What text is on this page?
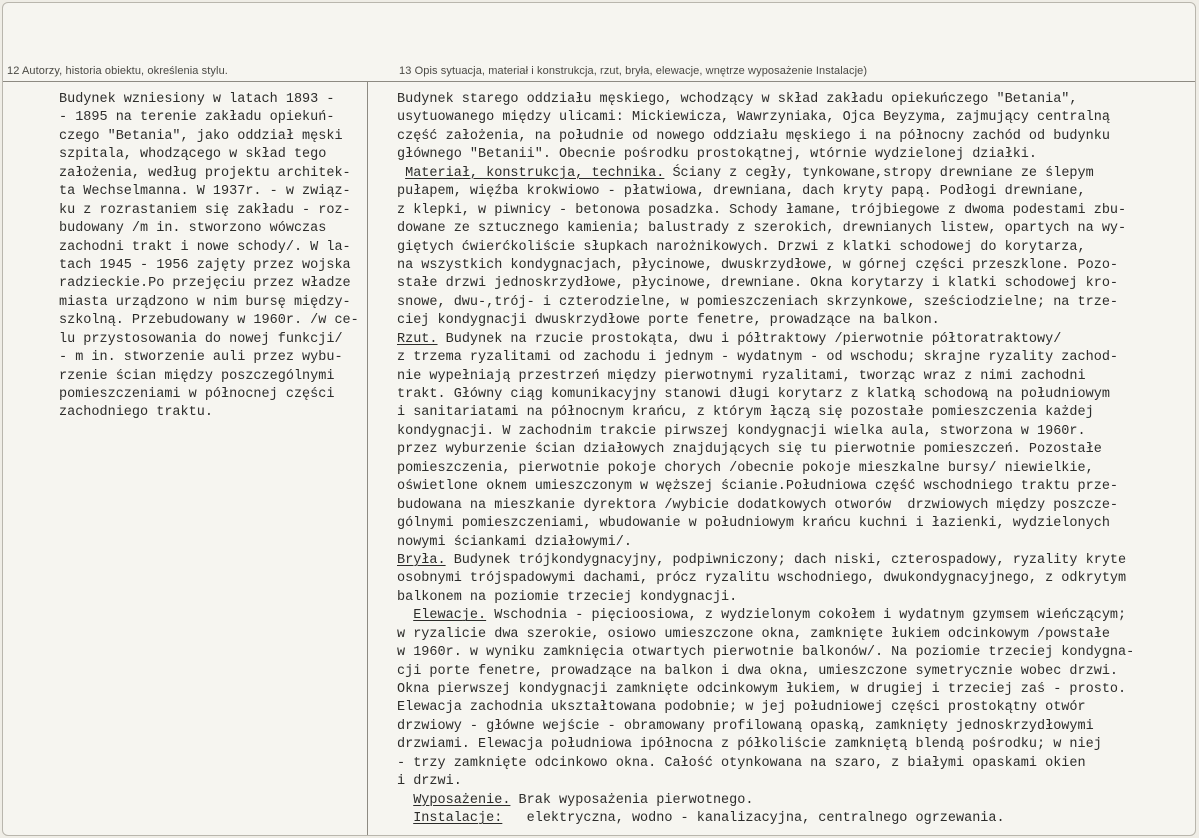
12 Autorzy, historia obiektu, określenia stylu.	13 Opis sytuacja, materiał i konstrukcja, rzut, bryła, elewacje, wnętrze wyposażenie Instalacje)
Budynek wzniesiony w latach 1893 -
- 1895 na terenie zakładu opiekuń-
czego "Betania", jako oddział męski
szpitala, whodzącego w skład tego
założenia, według projektu architek-
ta Wechselmanna. W 1937r. - w związ-
ku z rozrastaniem się zakładu - roz-
budowany /m in. stworzono wówczas
zachodni trakt i nowe schody/. W la-
tach 1945 - 1956 zajęty przez wojska
radzieckie.Po przejęciu przez władze
miasta urządzono w nim bursę między-
szkolną. Przebudowany w 1960r. /w ce-
lu przystosowania do nowej funkcji/
- m in. stworzenie auli przez wybu-
rzenie ścian między poszczególnymi
pomieszczeniami w północnej części
zachodniego traktu.
Budynek starego oddziału męskiego, wchodzący w skład zakładu opiekuńczego "Betania",
usytuowanego między ulicami: Mickiewicza, Wawrzyniaka, Ojca Beyzyma, zajmujący centralną
część założenia, na południe od nowego oddziału męskiego i na północny zachód od budynku
głównego "Betanii". Obecnie pośrodku prostokątnej, wtórnie wydzielonej działki.
Materiał, konstrukcja, technika. Ściany z cegły, tynkowane,stropy drewniane ze ślepym
pułapem, więźba krokwiowo - płatwiowa, drewniana, dach kryty papą. Podłogi drewniane,
z klepki, w piwnicy - betonowa posadzka. Schody łamane, trójbiegowe z dwoma podestami zbu-
dowane ze sztucznego kamienia; balustrady z szerokich, drewnianych listew, opartych na wy-
giętych ćwierćkoliście słupkach narożnikowych. Drzwi z klatki schodowej do korytarza,
na wszystkich kondygnacjach, płycinowe, dwuskrzydłowe, w górnej części przeszklone. Pozo-
stałe drzwi jednoskrzydłowe, płycinowe, drewniane. Okna korytarzy i klatki schodowej kro-
snowe, dwu-,trój- i czterodzielne, w pomieszczeniach skrzynkowe, sześciodzielne; na trze-
ciej kondygnacji dwuskrzydłowe porte fenetre, prowadzące na balkon.
Rzut. Budynek na rzucie prostokąta, dwu i półtraktowy /pierwotnie półtoratraktowy/
z trzema ryzalitami od zachodu i jednym - wydatnym - od wschodu; skrajne ryzality zachod-
nie wypełniają przestrzeń między pierwotnymi ryzalitami, tworząc wraz z nimi zachodni
trakt. Główny ciąg komunikacyjny stanowi długi korytarz z klatką schodową na południowym
i sanitariatami na północnym krańcu, z którym łączą się pozostałe pomieszczenia każdej
kondygnacji. W zachodnim trakcie pirwszej kondygnacji wielka aula, stworzona w 1960r.
przez wyburzenie ścian działowych znajdujących się tu pierwotnie pomieszczeń. Pozostałe
pomieszczenia, pierwotnie pokoje chorych /obecnie pokoje mieszkalne bursy/ niewielkie,
oświetlone oknem umieszczonym w węższej ścianie.Południowa część wschodniego traktu prze-
budowana na mieszkanie dyrektora /wybicie dodatkowych otworów  drzwiowych między poszcze-
gólnymi pomieszczeniami, wbudowanie w południowym krańcu kuchni i łazienki, wydzielonych
nowymi ściankami działowymi/.
Bryła. Budynek trójkondygnacyjny, podpiwniczony; dach niski, czterospadowy, ryzality kryte
osobnymi trójspadowymi dachami, prócz ryzalitu wschodniego, dwukondygnacyjnego, z odkrytym
balkonem na poziomie trzeciej kondygnacji.
Elewacje. Wschodnia - pięcioosiowa, z wydzielonym cokołem i wydatnym gzymsem wieńczącym;
w ryzalicie dwa szerokie, osiowo umieszczone okna, zamknięte łukiem odcinkowym /powstałe
w 1960r. w wyniku zamknięcia otwartych pierwotnie balkonów/. Na poziomie trzeciej kondygna-
cji porte fenetre, prowadzące na balkon i dwa okna, umieszczone symetrycznie wobec drzwi.
Okna pierwszej kondygnacji zamknięte odcinkowym łukiem, w drugiej i trzeciej zaś - prosto.
Elewacja zachodnia ukształtowana podobnie; w jej południowej części prostokątny otwór
drzwiowy - główne wejście - obramowany profilowaną opaską, zamknięty jednoskrzydłowymi
drzwiami. Elewacja południowa ipółnocna z półkoliście zamkniętą blendą pośrodku; w niej
- trzy zamknięte odcinkowo okna. Całość otynkowana na szaro, z białymi opaskami okien
i drzwi.
Wyposażenie. Brak wyposażenia pierwotnego.
Instalacje:   elektryczna, wodno - kanalizacyjna, centralnego ogrzewania.
